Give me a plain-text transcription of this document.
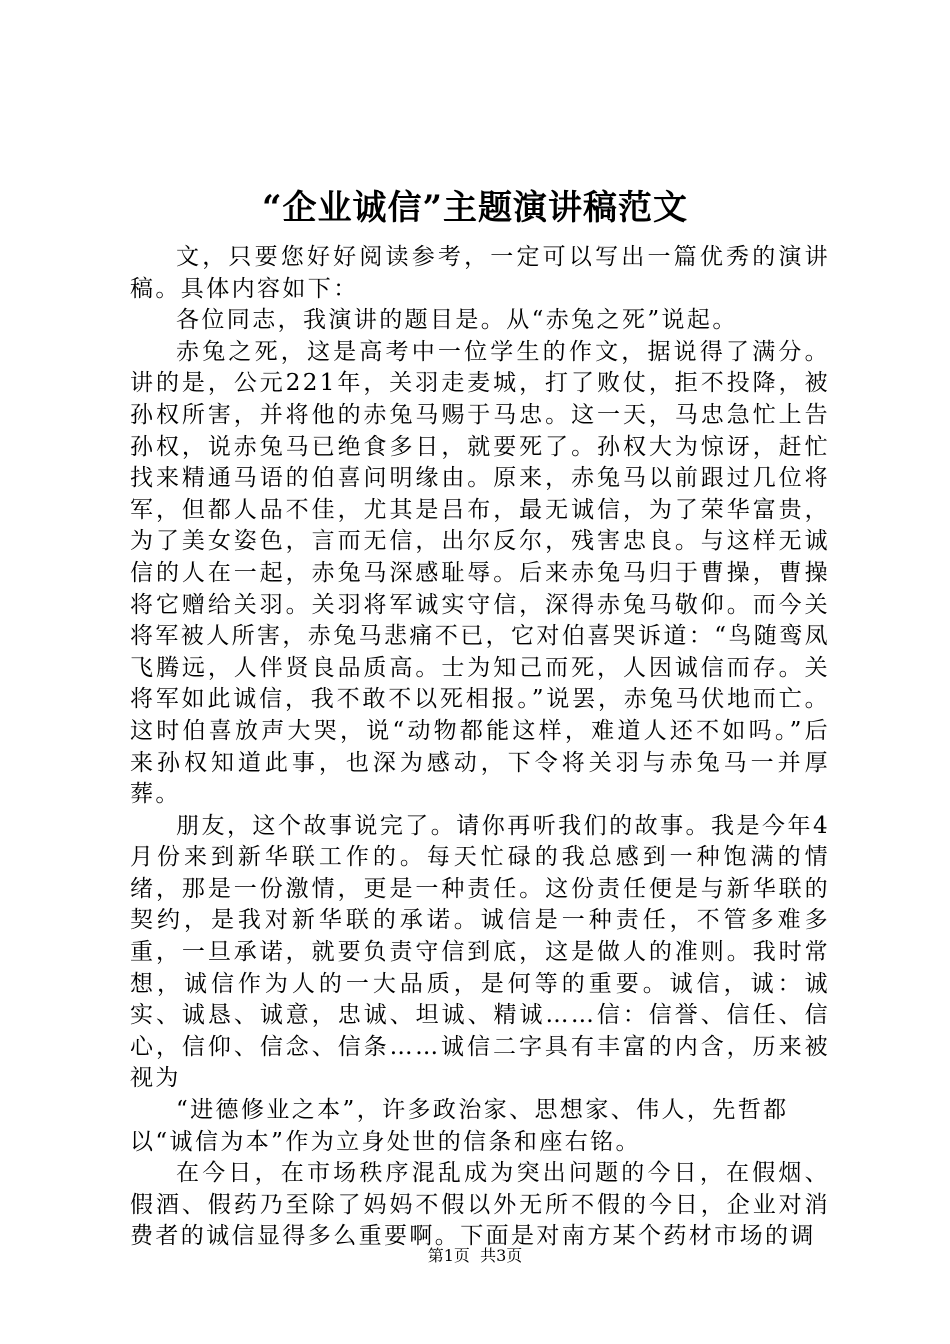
“企业诚信”主题演讲稿范文

文，只要您好好阅读参考，一定可以写出一篇优秀的演讲稿。具体内容如下：

各位同志，我演讲的题目是。从“赤兔之死”说起。

赤兔之死，这是高考中一位学生的作文，据说得了满分。讲的是，公元221年，关羽走麦城，打了败仗，拒不投降，被孙权所害，并将他的赤兔马赐于马忠。这一天，马忠急忙上告孙权，说赤兔马已绝食多日，就要死了。孙权大为惊讶，赶忙找来精通马语的伯喜问明缘由。原来，赤兔马以前跟过几位将军，但都人品不佳，尤其是吕布，最无诚信，为了荣华富贵，为了美女姿色，言而无信，出尔反尔，残害忠良。与这样无诚信的人在一起，赤兔马深感耻辱。后来赤兔马归于曹操，曹操将它赠给关羽。关羽将军诚实守信，深得赤兔马敬仰。而今关将军被人所害，赤兔马悲痛不已，它对伯喜哭诉道：“鸟随鸾凤飞腾远，人伴贤良品质高。士为知己而死，人因诚信而存。关将军如此诚信，我不敢不以死相报。”说罢，赤兔马伏地而亡。这时伯喜放声大哭，说“动物都能这样，难道人还不如吗。”后来孙权知道此事，也深为感动，下令将关羽与赤兔马一并厚葬。

朋友，这个故事说完了。请你再听我们的故事。我是今年4月份来到新华联工作的。每天忙碌的我总感到一种饱满的情绪，那是一份激情，更是一种责任。这份责任便是与新华联的契约，是我对新华联的承诺。诚信是一种责任，不管多难多重，一旦承诺，就要负责守信到底，这是做人的准则。我时常想，诚信作为人的一大品质，是何等的重要。诚信，诚：诚实、诚恳、诚意，忠诚、坦诚、精诚……信：信誉、信任、信心，信仰、信念、信条……诚信二字具有丰富的内含，历来被视为

“进德修业之本”，许多政治家、思想家、伟人，先哲都

以“诚信为本”作为立身处世的信条和座右铭。

在今日，在市场秩序混乱成为突出问题的今日，在假烟、假酒、假药乃至除了妈妈不假以外无所不假的今日，企业对消费者的诚信显得多么重要啊。下面是对南方某个药材市场的调

第1页 共3页
